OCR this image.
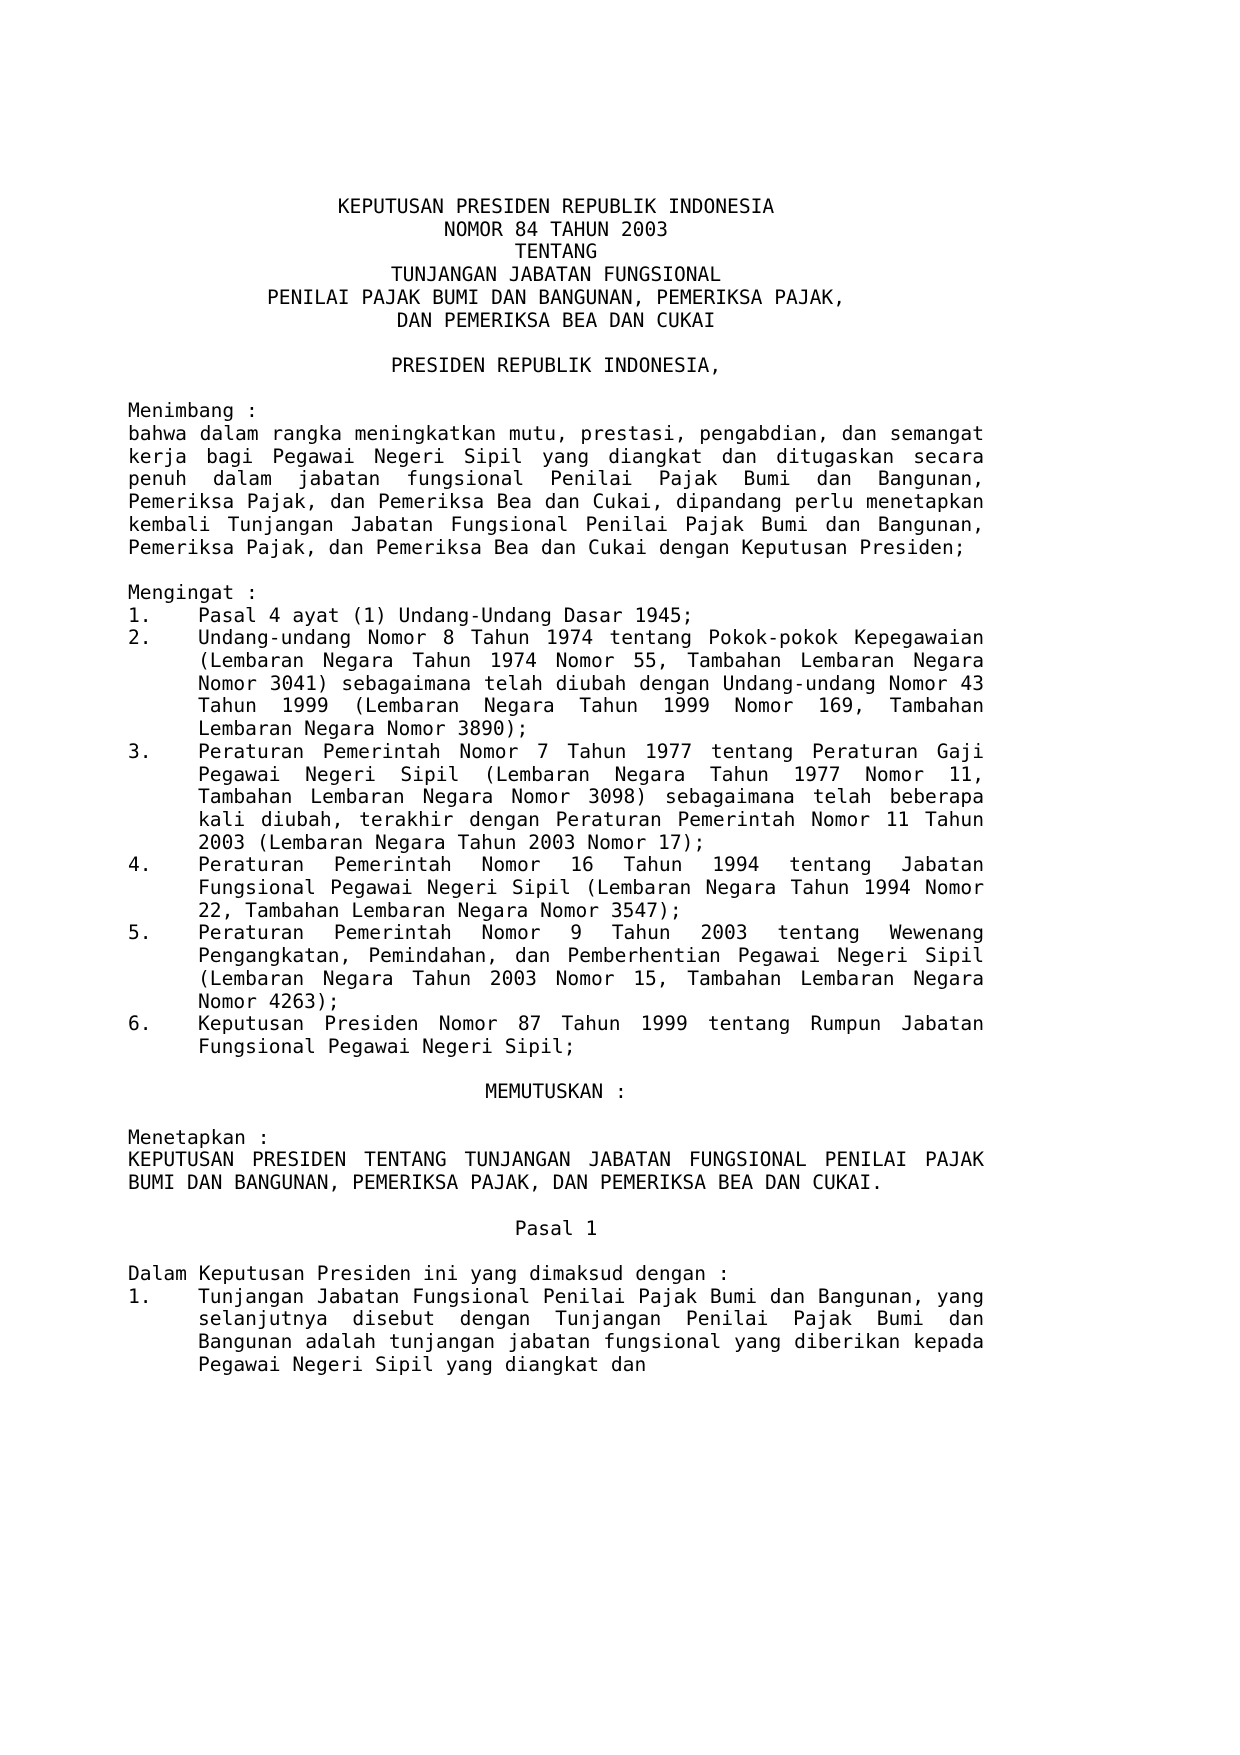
KEPUTUSAN PRESIDEN REPUBLIK INDONESIA
NOMOR 84 TAHUN 2003
TENTANG
TUNJANGAN JABATAN FUNGSIONAL
PENILAI PAJAK BUMI DAN BANGUNAN, PEMERIKSA PAJAK,
DAN PEMERIKSA BEA DAN CUKAI
PRESIDEN REPUBLIK INDONESIA,
Menimbang :
bahwa dalam rangka meningkatkan mutu, prestasi, pengabdian, dan semangat kerja bagi Pegawai Negeri Sipil yang diangkat dan ditugaskan secara penuh dalam jabatan fungsional Penilai Pajak Bumi dan Bangunan, Pemeriksa Pajak, dan Pemeriksa Bea dan Cukai, dipandang perlu menetapkan kembali Tunjangan Jabatan Fungsional Penilai Pajak Bumi dan Bangunan, Pemeriksa Pajak, dan Pemeriksa Bea dan Cukai dengan Keputusan Presiden;
Mengingat :
1.	Pasal 4 ayat (1) Undang-Undang Dasar 1945;
2.	Undang-undang Nomor 8 Tahun 1974 tentang Pokok-pokok Kepegawaian (Lembaran Negara Tahun 1974 Nomor 55, Tambahan Lembaran Negara Nomor 3041) sebagaimana telah diubah dengan Undang-undang Nomor 43 Tahun 1999 (Lembaran Negara Tahun 1999 Nomor 169, Tambahan Lembaran Negara Nomor 3890);
3.	Peraturan Pemerintah Nomor 7 Tahun 1977 tentang Peraturan Gaji Pegawai Negeri Sipil (Lembaran Negara Tahun 1977 Nomor 11, Tambahan Lembaran Negara Nomor 3098) sebagaimana telah beberapa kali diubah, terakhir dengan Peraturan Pemerintah Nomor 11 Tahun 2003 (Lembaran Negara Tahun 2003 Nomor 17);
4.	Peraturan Pemerintah Nomor 16 Tahun 1994 tentang Jabatan Fungsional Pegawai Negeri Sipil (Lembaran Negara Tahun 1994 Nomor 22, Tambahan Lembaran Negara Nomor 3547);
5.	Peraturan Pemerintah Nomor 9 Tahun 2003 tentang Wewenang Pengangkatan, Pemindahan, dan Pemberhentian Pegawai Negeri Sipil (Lembaran Negara Tahun 2003 Nomor 15, Tambahan Lembaran Negara Nomor 4263);
6.	Keputusan Presiden Nomor 87 Tahun 1999 tentang Rumpun Jabatan Fungsional Pegawai Negeri Sipil;
MEMUTUSKAN :
Menetapkan :
KEPUTUSAN PRESIDEN TENTANG TUNJANGAN JABATAN FUNGSIONAL PENILAI PAJAK BUMI DAN BANGUNAN, PEMERIKSA PAJAK, DAN PEMERIKSA BEA DAN CUKAI.
Pasal 1
Dalam Keputusan Presiden ini yang dimaksud dengan :
1.	Tunjangan Jabatan Fungsional Penilai Pajak Bumi dan Bangunan, yang selanjutnya disebut dengan Tunjangan Penilai Pajak Bumi dan Bangunan adalah tunjangan jabatan fungsional yang diberikan kepada Pegawai Negeri Sipil yang diangkat dan
